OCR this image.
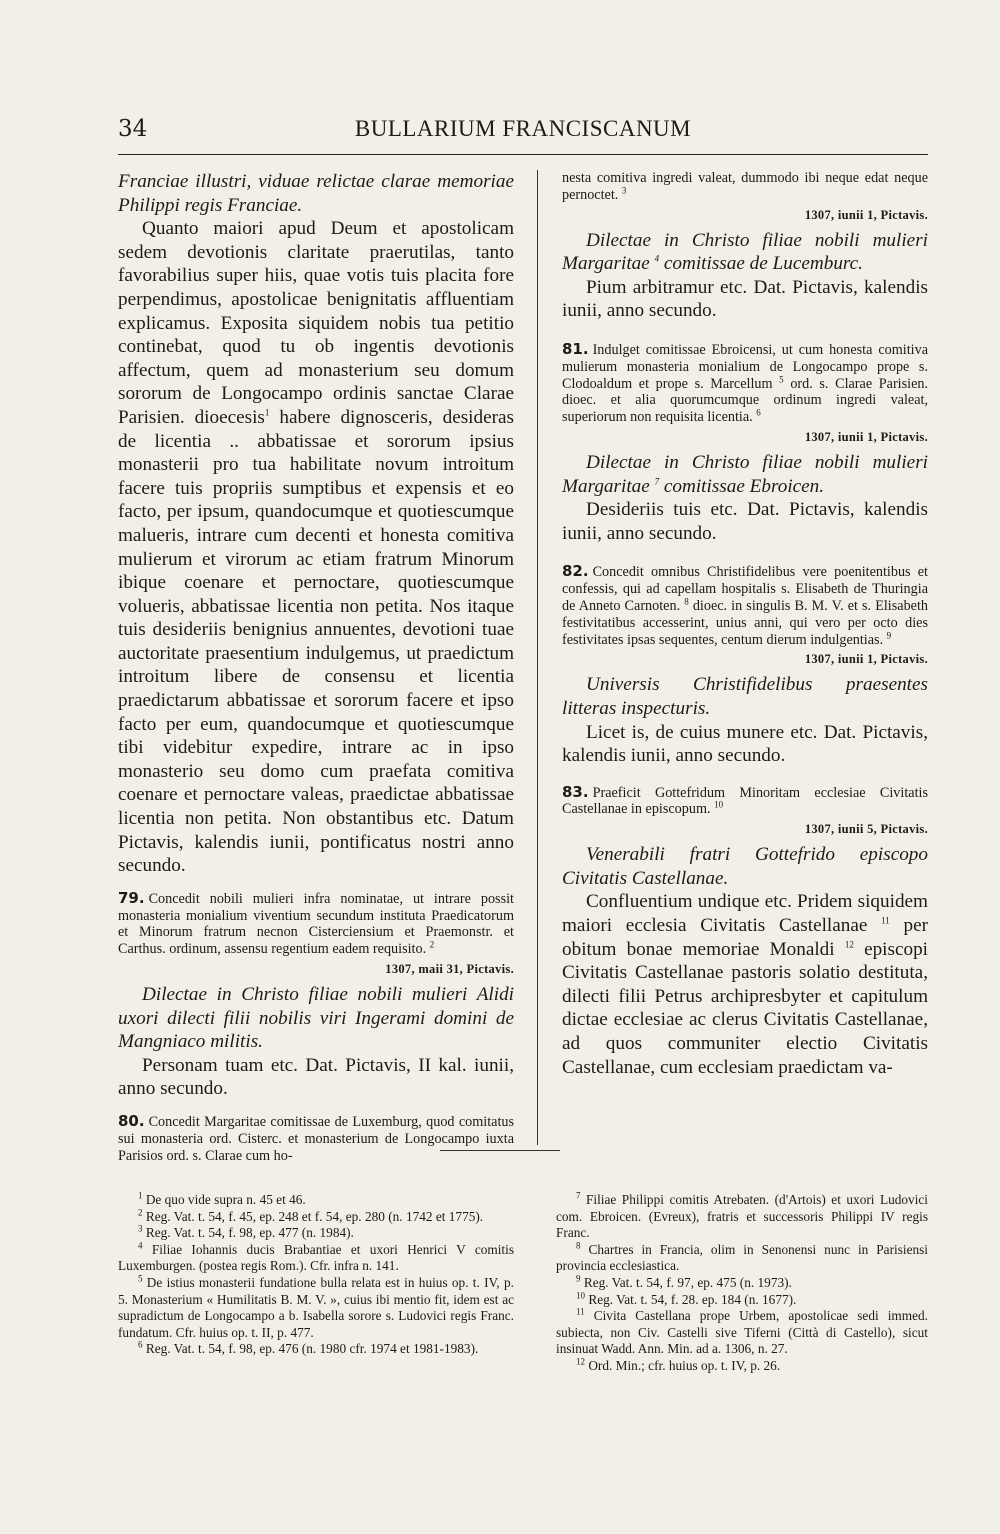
34	BULLARIUM FRANCISCANUM

Franciae illustri, viduae relictae clarae memoriae Philippi regis Franciae.

Quanto maiori apud Deum et apostolicam sedem devotionis claritate praerutilas, tanto favorabilius super hiis, quae votis tuis placita fore perpendimus, apostolicae benignitatis affluentiam explicamus. Exposita siquidem nobis tua petitio continebat, quod tu ob ingentis devotionis affectum, quem ad monasterium seu domum sororum de Longocampo ordinis sanctae Clarae Parisien. dioecesis$^1$ habere dignosceris, desideras de licentia .. abbatissae et sororum ipsius monasterii pro tua habilitate novum introitum facere tuis propriis sumptibus et expensis et eo facto, per ipsum, quandocumque et quotiescumque malueris, intrare cum decenti et honesta comitiva mulierum et virorum ac etiam fratrum Minorum ibique coenare et pernoctare, quotiescumque volueris, abbatissae licentia non petita. Nos itaque tuis desideriis benignius annuentes, devotioni tuae auctoritate praesentium indulgemus, ut praedictum introitum libere de consensu et licentia praedictarum abbatissae et sororum facere et ipso facto per eum, quandocumque et quotiescumque tibi videbitur expedire, intrare ac in ipso monasterio seu domo cum praefata comitiva coenare et pernoctare valeas, praedictae abbatissae licentia non petita. Non obstantibus etc. Datum Pictavis, kalendis iunii, pontificatus nostri anno secundo.

79. Concedit nobili mulieri infra nominatae, ut intrare possit monasteria monialium viventium secundum instituta Praedicatorum et Minorum fratrum necnon Cisterciensium et Praemonstr. et Carthus. ordinum, assensu regentium eadem requisito. $^2$

1307, maii 31, Pictavis.

Dilectae in Christo filiae nobili mulieri Alidi uxori dilecti filii nobilis viri Ingerami domini de Mangniaco militis.

Personam tuam etc. Dat. Pictavis, II kal. iunii, anno secundo.

80. Concedit Margaritae comitissae de Luxemburg, quod comitatus sui monasteria ord. Cisterc. et monasterium de Longocampo iuxta Parisios ord. s. Clarae cum ho-

nesta comitiva ingredi valeat, dummodo ibi neque edat neque pernoctet. $^3$

1307, iunii 1, Pictavis.

Dilectae in Christo filiae nobili mulieri Margaritae $^4$ comitissae de Lucemburc.

Pium arbitramur etc. Dat. Pictavis, kalendis iunii, anno secundo.

81. Indulget comitissae Ebroicensi, ut cum honesta comitiva mulierum monasteria monialium de Longocampo prope s. Clodoaldum et prope s. Marcellum $^5$ ord. s. Clarae Parisien. dioec. et alia quorumcumque ordinum ingredi valeat, superiorum non requisita licentia. $^6$

1307, iunii 1, Pictavis.

Dilectae in Christo filiae nobili mulieri Margaritae $^7$ comitissae Ebroicen.

Desideriis tuis etc. Dat. Pictavis, kalendis iunii, anno secundo.

82. Concedit omnibus Christifidelibus vere poenitentibus et confessis, qui ad capellam hospitalis s. Elisabeth de Thuringia de Anneto Carnoten. $^8$ dioec. in singulis B. M. V. et s. Elisabeth festivitatibus accesserint, unius anni, qui vero per octo dies festivitates ipsas sequentes, centum dierum indulgentias. $^9$

1307, iunii 1, Pictavis.

Universis Christifidelibus praesentes litteras inspecturis.

Licet is, de cuius munere etc. Dat. Pictavis, kalendis iunii, anno secundo.

83. Praeficit Gottefridum Minoritam ecclesiae Civitatis Castellanae in episcopum. $^{10}$

1307, iunii 5, Pictavis.

Venerabili fratri Gottefrido episcopo Civitatis Castellanae.

Confluentium undique etc. Pridem siquidem maiori ecclesia Civitatis Castellanae $^{11}$ per obitum bonae memoriae Monaldi $^{12}$ episcopi Civitatis Castellanae pastoris solatio destituta, dilecti filii Petrus archipresbyter et capitulum dictae ecclesiae ac clerus Civitatis Castellanae, ad quos communiter electio Civitatis Castellanae, cum ecclesiam praedictam va-

$^1$ De quo vide supra n. 45 et 46.

$^2$ Reg. Vat. t. 54, f. 45, ep. 248 et f. 54, ep. 280 (n. 1742 et 1775).

$^3$ Reg. Vat. t. 54, f. 98, ep. 477 (n. 1984).

$^4$ Filiae Iohannis ducis Brabantiae et uxori Henrici V comitis Luxemburgen. (postea regis Rom.). Cfr. infra n. 141.

$^5$ De istius monasterii fundatione bulla relata est in huius op. t. IV, p. 5. Monasterium « Humilitatis B. M. V. », cuius ibi mentio fit, idem est ac supradictum de Longocampo a b. Isabella sorore s. Ludovici regis Franc. fundatum. Cfr. huius op. t. II, p. 477.

$^6$ Reg. Vat. t. 54, f. 98, ep. 476 (n. 1980 cfr. 1974 et 1981-1983).

$^7$ Filiae Philippi comitis Atrebaten. (d'Artois) et uxori Ludovici com. Ebroicen. (Evreux), fratris et successoris Philippi IV regis Franc.

$^8$ Chartres in Francia, olim in Senonensi nunc in Parisiensi provincia ecclesiastica.

$^9$ Reg. Vat. t. 54, f. 97, ep. 475 (n. 1973).

$^{10}$ Reg. Vat. t. 54, f. 28. ep. 184 (n. 1677).

$^{11}$ Civita Castellana prope Urbem, apostolicae sedi immed. subiecta, non Civ. Castelli sive Tiferni (Città di Castello), sicut insinuat Wadd. Ann. Min. ad a. 1306, n. 27.

$^{12}$ Ord. Min.; cfr. huius op. t. IV, p. 26.
